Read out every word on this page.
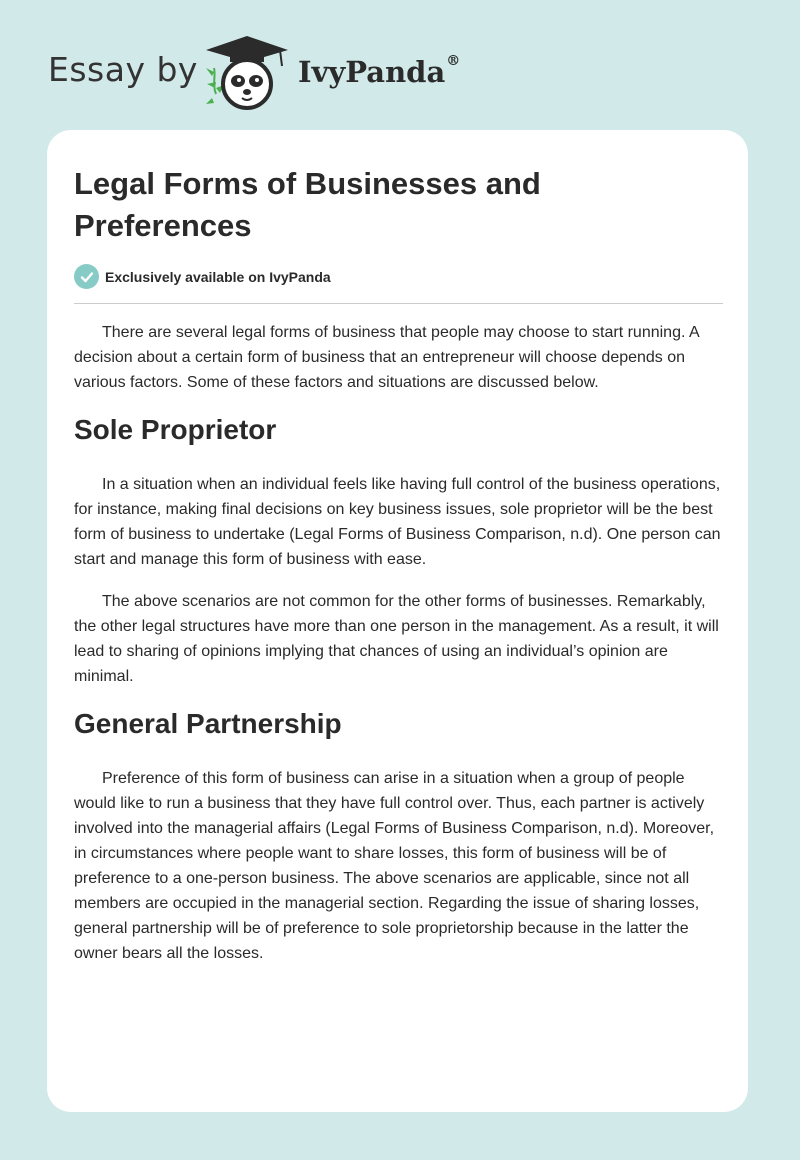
Essay by	IvyPanda®
Legal Forms of Businesses and Preferences
Exclusively available on IvyPanda

There are several legal forms of business that people may choose to start running. A decision about a certain form of business that an entrepreneur will choose depends on various factors. Some of these factors and situations are discussed below.

Sole Proprietor

In a situation when an individual feels like having full control of the business operations, for instance, making final decisions on key business issues, sole proprietor will be the best form of business to undertake (Legal Forms of Business Comparison, n.d). One person can start and manage this form of business with ease.

The above scenarios are not common for the other forms of businesses. Remarkably, the other legal structures have more than one person in the management. As a result, it will lead to sharing of opinions implying that chances of using an individual’s opinion are minimal.

General Partnership

Preference of this form of business can arise in a situation when a group of people would like to run a business that they have full control over. Thus, each partner is actively involved into the managerial affairs (Legal Forms of Business Comparison, n.d). Moreover, in circumstances where people want to share losses, this form of business will be of preference to a one-person business. The above scenarios are applicable, since not all members are occupied in the managerial section. Regarding the issue of sharing losses, general partnership will be of preference to sole proprietorship because in the latter the owner bears all the losses.
